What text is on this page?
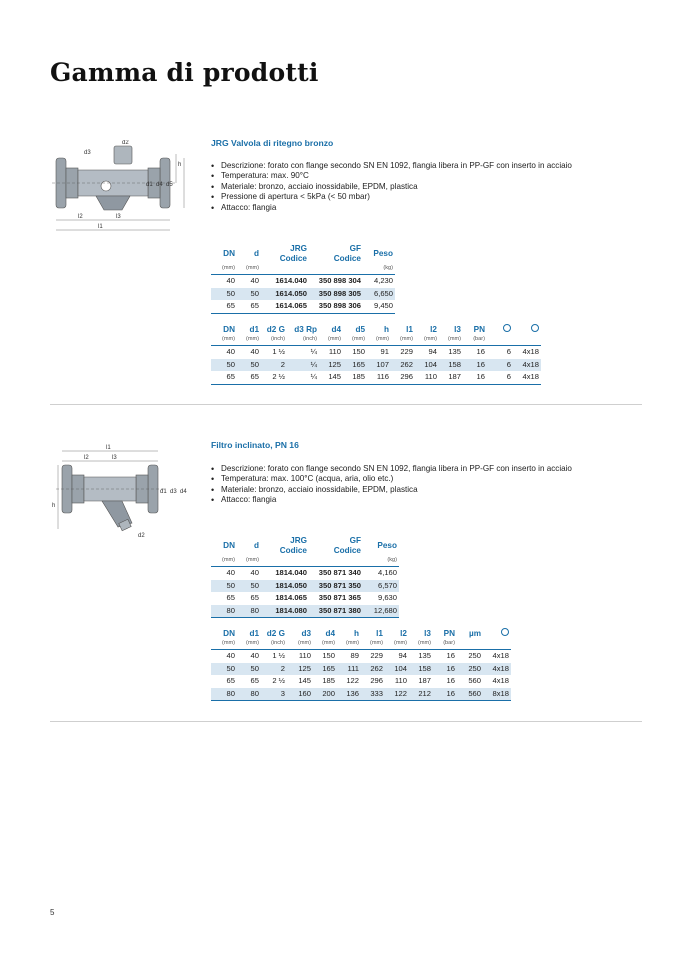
Gamma di prodotti
d2
d3
h
d1 d4 d5
l2	l3
l1
JRG Valvola di ritegno bronzo
• Descrizione: forato con flange secondo SN EN 1092, flangia libera in PP-GF con inserto in acciaio
• Temperatura: max. 90°C
• Materiale: bronzo, acciaio inossidabile, EPDM, plastica
• Pressione di apertura < 5kPa (< 50 mbar)
• Attacco: flangia
DN	d	JRG
Codice	GF
Codice	Peso
(mm)	(mm)			(kg)
40	40	1614.040	350 898 304	4,230
50	50	1614.050	350 898 305	6,650
65	65	1614.065	350 898 306	9,450
DN	d1	d2 G	d3 Rp	d4	d5	h	l1	l2	l3	PN		
(mm)	(mm)	(inch)	(inch)	(mm)	(mm)	(mm)	(mm)	(mm)	(mm)	(bar)		
40	40	1 ½	¼	110	150	91	229	94	135	16	6	4x18
50	50	2	¼	125	165	107	262	104	158	16	6	4x18
65	65	2 ½	¼	145	185	116	296	110	187	16	6	4x18
l1
l2	l3
d1 d3 d4
h
d2
Filtro inclinato, PN 16
• Descrizione: forato con flange secondo SN EN 1092, flangia libera in PP-GF con inserto in acciaio
• Temperatura: max. 100°C (acqua, aria, olio etc.)
• Materiale: bronzo, acciaio inossidabile, EPDM, plastica
• Attacco: flangia
DN	d	JRG
Codice	GF
Codice	Peso
(mm)	(mm)			(kg)
40	40	1814.040	350 871 340	4,160
50	50	1814.050	350 871 350	6,570
65	65	1814.065	350 871 365	9,630
80	80	1814.080	350 871 380	12,680
DN	d1	d2 G	d3	d4	h	l1	l2	l3	PN	µm	
(mm)	(mm)	(inch)	(mm)	(mm)	(mm)	(mm)	(mm)	(mm)	(bar)		
40	40	1 ½	110	150	89	229	94	135	16	250	4x18
50	50	2	125	165	111	262	104	158	16	250	4x18
65	65	2 ½	145	185	122	296	110	187	16	560	4x18
80	80	3	160	200	136	333	122	212	16	560	8x18
5
